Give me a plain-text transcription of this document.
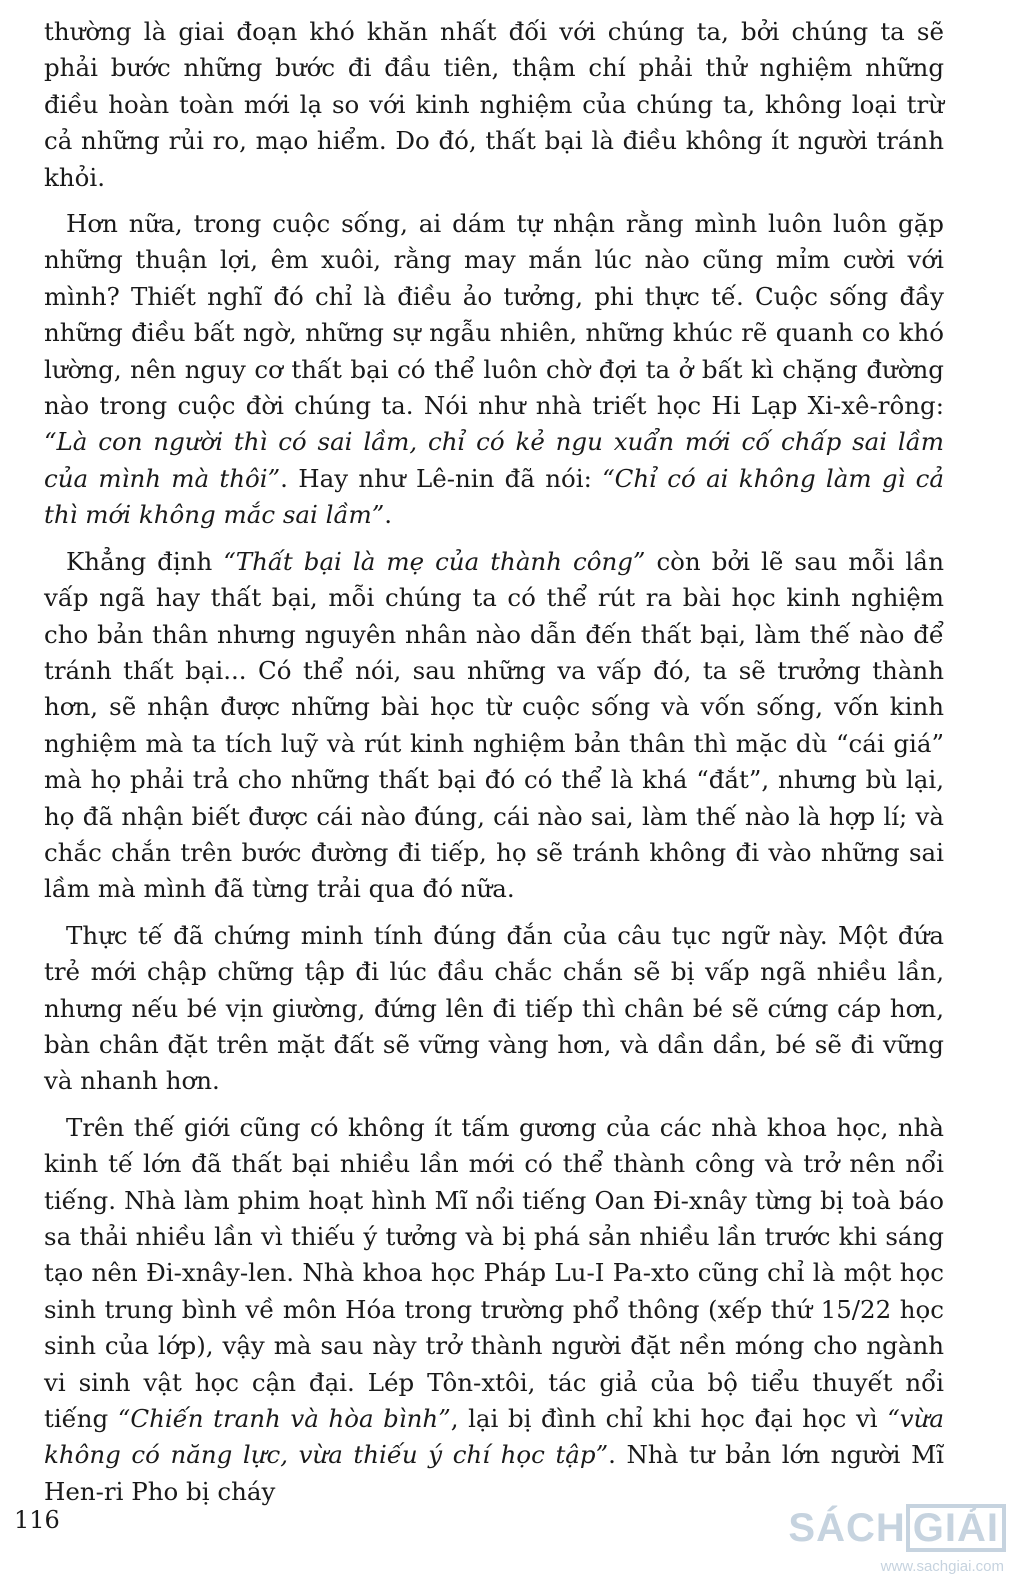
thường là giai đoạn khó khăn nhất đối với chúng ta, bởi chúng ta sẽ phải bước những bước đi đầu tiên, thậm chí phải thử nghiệm những điều hoàn toàn mới lạ so với kinh nghiệm của chúng ta, không loại trừ cả những rủi ro, mạo hiểm. Do đó, thất bại là điều không ít người tránh khỏi.

Hơn nữa, trong cuộc sống, ai dám tự nhận rằng mình luôn luôn gặp những thuận lợi, êm xuôi, rằng may mắn lúc nào cũng mỉm cười với mình? Thiết nghĩ đó chỉ là điều ảo tưởng, phi thực tế. Cuộc sống đầy những điều bất ngờ, những sự ngẫu nhiên, những khúc rẽ quanh co khó lường, nên nguy cơ thất bại có thể luôn chờ đợi ta ở bất kì chặng đường nào trong cuộc đời chúng ta. Nói như nhà triết học Hi Lạp Xi-xê-rông: “Là con người thì có sai lầm, chỉ có kẻ ngu xuẩn mới cố chấp sai lầm của mình mà thôi”. Hay như Lê-nin đã nói: “Chỉ có ai không làm gì cả thì mới không mắc sai lầm”.

Khẳng định “Thất bại là mẹ của thành công” còn bởi lẽ sau mỗi lần vấp ngã hay thất bại, mỗi chúng ta có thể rút ra bài học kinh nghiệm cho bản thân nhưng nguyên nhân nào dẫn đến thất bại, làm thế nào để tránh thất bại... Có thể nói, sau những va vấp đó, ta sẽ trưởng thành hơn, sẽ nhận được những bài học từ cuộc sống và vốn sống, vốn kinh nghiệm mà ta tích luỹ và rút kinh nghiệm bản thân thì mặc dù “cái giá” mà họ phải trả cho những thất bại đó có thể là khá “đắt”, nhưng bù lại, họ đã nhận biết được cái nào đúng, cái nào sai, làm thế nào là hợp lí; và chắc chắn trên bước đường đi tiếp, họ sẽ tránh không đi vào những sai lầm mà mình đã từng trải qua đó nữa.

Thực tế đã chứng minh tính đúng đắn của câu tục ngữ này. Một đứa trẻ mới chập chững tập đi lúc đầu chắc chắn sẽ bị vấp ngã nhiều lần, nhưng nếu bé vịn giường, đứng lên đi tiếp thì chân bé sẽ cứng cáp hơn, bàn chân đặt trên mặt đất sẽ vững vàng hơn, và dần dần, bé sẽ đi vững và nhanh hơn.

Trên thế giới cũng có không ít tấm gương của các nhà khoa học, nhà kinh tế lớn đã thất bại nhiều lần mới có thể thành công và trở nên nổi tiếng. Nhà làm phim hoạt hình Mĩ nổi tiếng Oan Đi-xnây từng bị toà báo sa thải nhiều lần vì thiếu ý tưởng và bị phá sản nhiều lần trước khi sáng tạo nên Đi-xnây-len. Nhà khoa học Pháp Lu-I Pa-xto cũng chỉ là một học sinh trung bình về môn Hóa trong trường phổ thông (xếp thứ 15/22 học sinh của lớp), vậy mà sau này trở thành người đặt nền móng cho ngành vi sinh vật học cận đại. Lép Tôn-xtôi, tác giả của bộ tiểu thuyết nổi tiếng “Chiến tranh và hòa bình”, lại bị đình chỉ khi học đại học vì “vừa không có năng lực, vừa thiếu ý chí học tập”. Nhà tư bản lớn người Mĩ Hen-ri Pho bị cháy

116	SÁCH GIẢI
www.sachgiai.com
